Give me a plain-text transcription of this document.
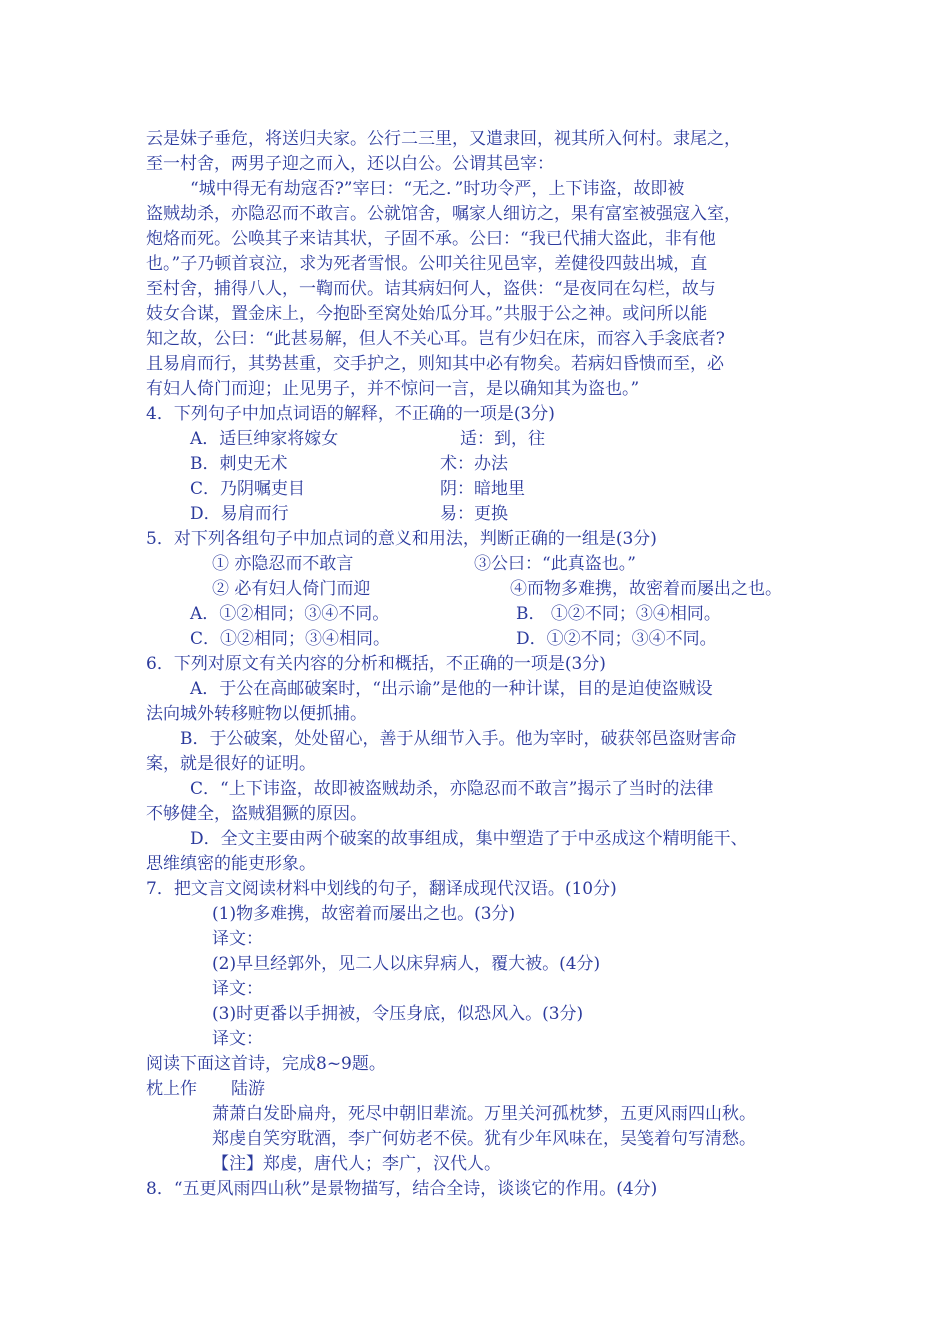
云是妹子垂危，将送归夫家。公行二三里，又遣隶回，视其所入何村。隶尾之，
至一村舍，两男子迎之而入，还以白公。公谓其邑宰：
“城中得无有劫寇否?”宰曰：“无之．”时功令严，上下讳盗，故即被
盗贼劫杀，亦隐忍而不敢言。公就馆舍，嘱家人细访之，果有富室被强寇入室，
炮烙而死。公唤其子来诘其状，子固不承。公曰：“我已代捕大盗此，非有他
也。”子乃顿首哀泣，求为死者雪恨。公叩关往见邑宰，差健役四鼓出城，直
至村舍，捕得八人，一鞫而伏。诘其病妇何人，盗供：“是夜同在勾栏，故与
妓女合谋，置金床上，今抱卧至窝处始瓜分耳。”共服于公之神。或问所以能
知之故，公曰：“此甚易解，但人不关心耳。岂有少妇在床，而容入手衾底者?
且易肩而行，其势甚重，交手护之，则知其中必有物矣。若病妇昏愦而至，必
有妇人倚门而迎；止见男子，并不惊问一言，是以确知其为盗也。”
4．下列句子中加点词语的解释，不正确的一项是(3分)
A．适巨绅家将嫁女	适：到，往
B．刺史无术	术：办法
C．乃阴嘱吏目	阴：暗地里
D．易肩而行	易：更换
5．对下列各组句子中加点词的意义和用法，判断正确的一组是(3分)
① 亦隐忍而不敢言	③公曰：“此真盗也。”
② 必有妇人倚门而迎	④而物多难携，故密着而屡出之也。
A．①②相同；③④不同。	B． ①②不同；③④相同。
C．①②相同；③④相同。	D．①②不同；③④不同。
6．下列对原文有关内容的分析和概括，不正确的一项是(3分)
A．于公在高邮破案时，“出示谕”是他的一种计谋，目的是迫使盗贼设
法向城外转移赃物以便抓捕。
B．于公破案，处处留心，善于从细节入手。他为宰时，破获邻邑盗财害命
案，就是很好的证明。
C．“上下讳盗，故即被盗贼劫杀，亦隐忍而不敢言”揭示了当时的法律
不够健全，盗贼猖獗的原因。
D．全文主要由两个破案的故事组成，集中塑造了于中丞成这个精明能干、
思维缜密的能吏形象。
7．把文言文阅读材料中划线的句子，翻译成现代汉语。(10分)
(1)物多难携，故密着而屡出之也。(3分)
译文：
(2)早旦经郭外，见二人以床舁病人，覆大被。(4分)
译文：
(3)时更番以手拥被，令压身底，似恐风入。(3分)
译文：
阅读下面这首诗，完成8~9题。
枕上作　　陆游
萧萧白发卧扁舟，死尽中朝旧辈流。万里关河孤枕梦，五更风雨四山秋。
郑虔自笑穷耽酒，李广何妨老不侯。犹有少年风味在，吴笺着句写清愁。
【注】郑虔，唐代人；李广，汉代人。
8．“五更风雨四山秋”是景物描写，结合全诗，谈谈它的作用。(4分)
